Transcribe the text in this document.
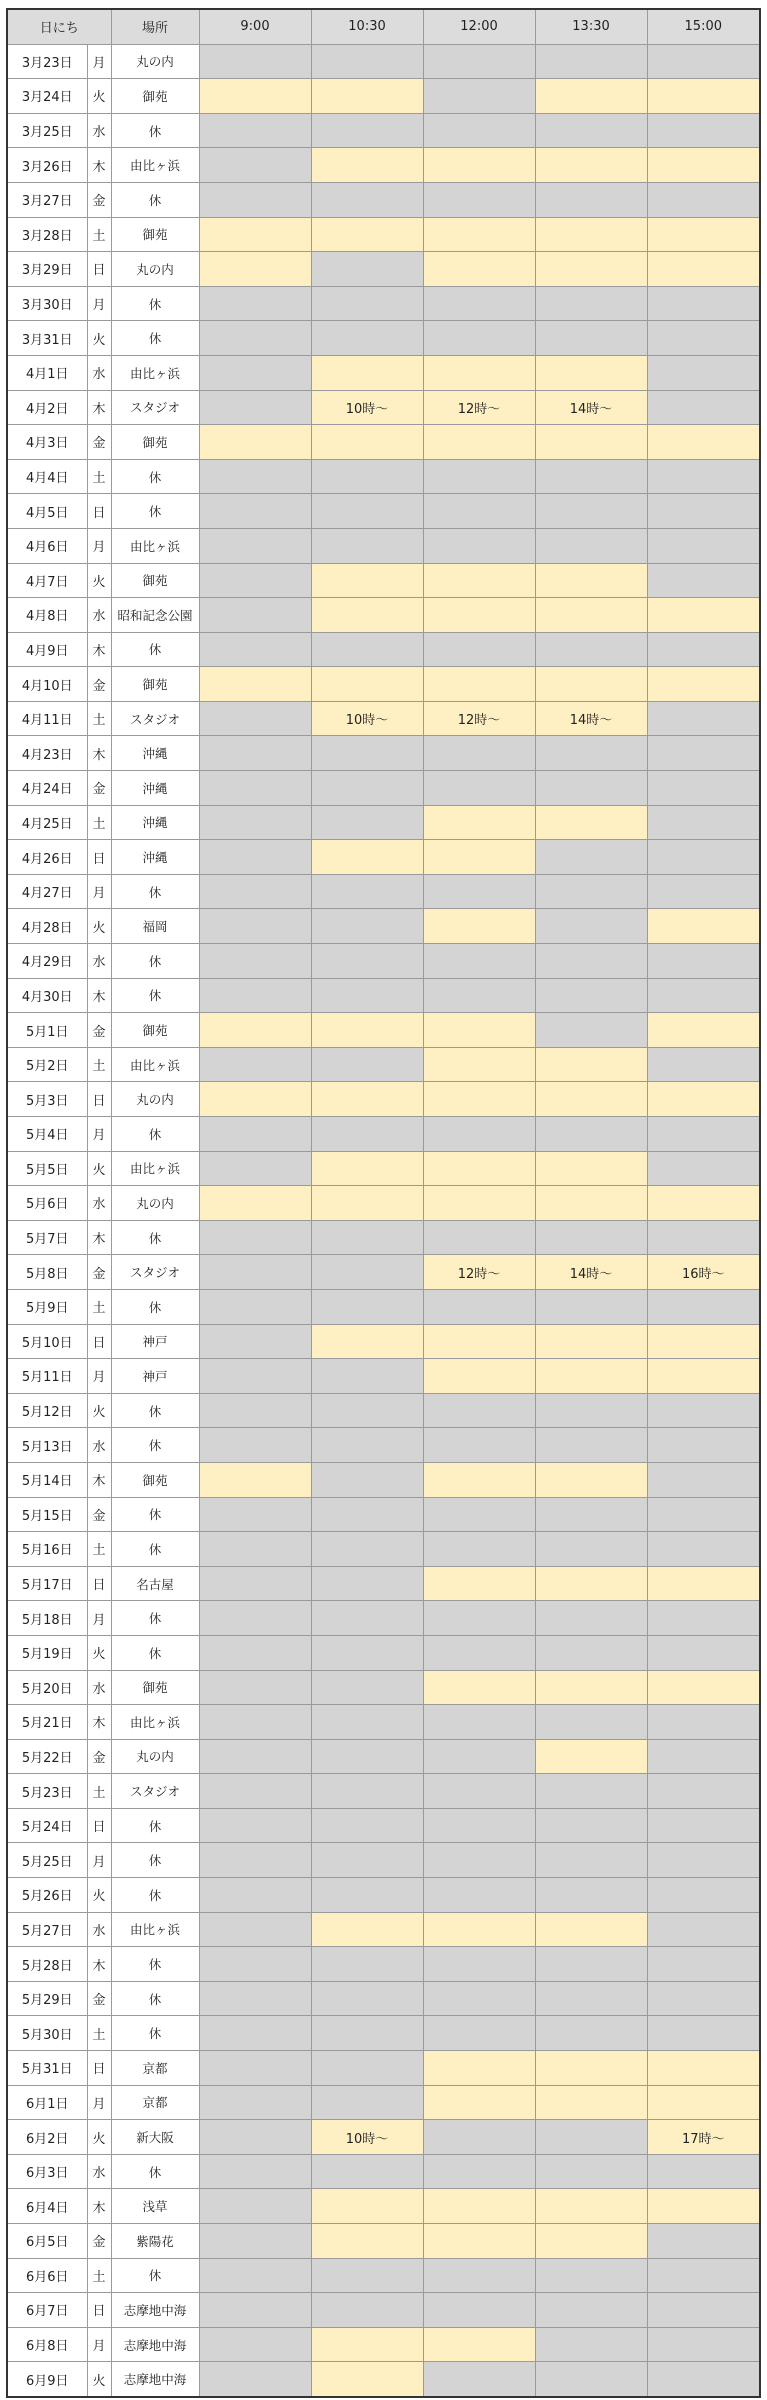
日にち		場所	9:00	10:30	12:00	13:30	15:00
3月23日	月	丸の内					
3月24日	火	御苑					
3月25日	水	休					
3月26日	木	由比ヶ浜					
3月27日	金	休					
3月28日	土	御苑					
3月29日	日	丸の内					
3月30日	月	休					
3月31日	火	休					
4月1日	水	由比ヶ浜					
4月2日	木	スタジオ		10時〜	12時〜	14時〜	
4月3日	金	御苑					
4月4日	土	休					
4月5日	日	休					
4月6日	月	由比ヶ浜					
4月7日	火	御苑					
4月8日	水	昭和記念公園					
4月9日	木	休					
4月10日	金	御苑					
4月11日	土	スタジオ		10時〜	12時〜	14時〜	
4月23日	木	沖縄					
4月24日	金	沖縄					
4月25日	土	沖縄					
4月26日	日	沖縄					
4月27日	月	休					
4月28日	火	福岡					
4月29日	水	休					
4月30日	木	休					
5月1日	金	御苑					
5月2日	土	由比ヶ浜					
5月3日	日	丸の内					
5月4日	月	休					
5月5日	火	由比ヶ浜					
5月6日	水	丸の内					
5月7日	木	休					
5月8日	金	スタジオ			12時〜	14時〜	16時〜
5月9日	土	休					
5月10日	日	神戸					
5月11日	月	神戸					
5月12日	火	休					
5月13日	水	休					
5月14日	木	御苑					
5月15日	金	休					
5月16日	土	休					
5月17日	日	名古屋					
5月18日	月	休					
5月19日	火	休					
5月20日	水	御苑					
5月21日	木	由比ヶ浜					
5月22日	金	丸の内					
5月23日	土	スタジオ					
5月24日	日	休					
5月25日	月	休					
5月26日	火	休					
5月27日	水	由比ヶ浜					
5月28日	木	休					
5月29日	金	休					
5月30日	土	休					
5月31日	日	京都					
6月1日	月	京都					
6月2日	火	新大阪		10時〜			17時〜
6月3日	水	休					
6月4日	木	浅草					
6月5日	金	紫陽花					
6月6日	土	休					
6月7日	日	志摩地中海					
6月8日	月	志摩地中海					
6月9日	火	志摩地中海					
